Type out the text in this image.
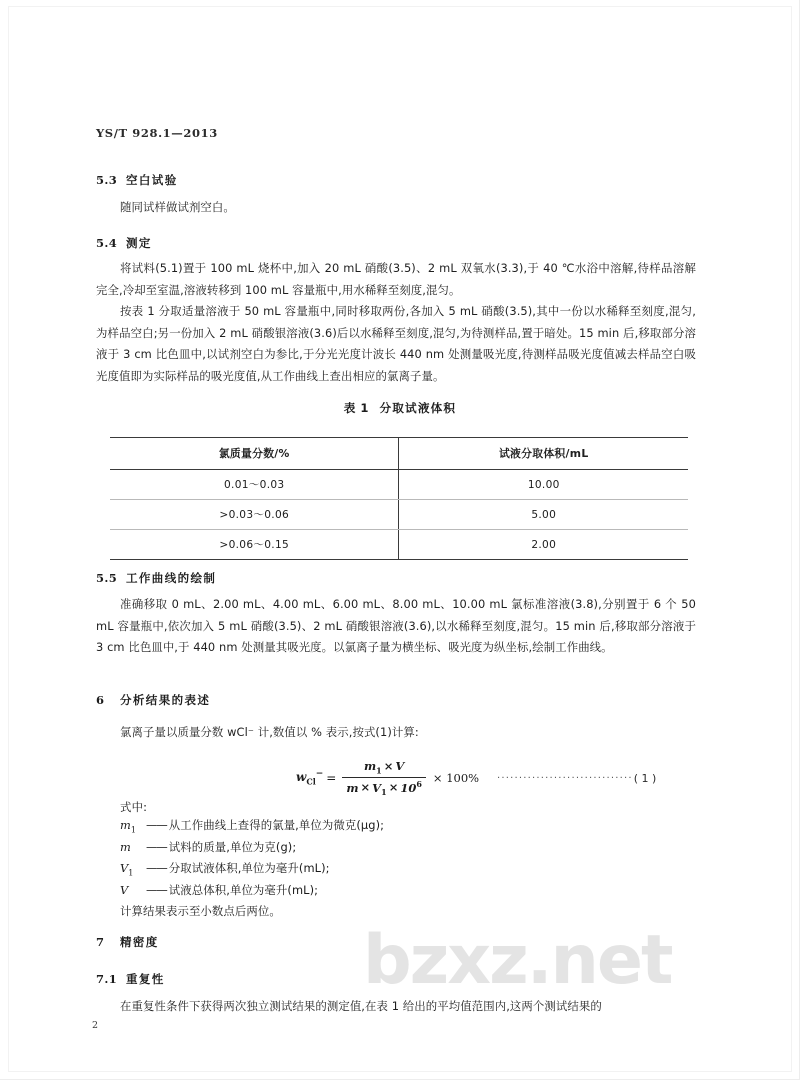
bzxz.net
YS/T 928.1—2013
5.3 空白试验
随同试样做试剂空白。
5.4 测定
将试料(5.1)置于 100 mL 烧杯中,加入 20 mL 硝酸(3.5)、2 mL 双氧水(3.3),于 40 ℃水浴中溶解,待样品溶解完全,冷却至室温,溶液转移到 100 mL 容量瓶中,用水稀释至刻度,混匀。
按表 1 分取适量溶液于 50 mL 容量瓶中,同时移取两份,各加入 5 mL 硝酸(3.5),其中一份以水稀释至刻度,混匀,为样品空白;另一份加入 2 mL 硝酸银溶液(3.6)后以水稀释至刻度,混匀,为待测样品,置于暗处。15 min 后,移取部分溶液于 3 cm 比色皿中,以试剂空白为参比,于分光光度计波长 440 nm 处测量吸光度,待测样品吸光度值减去样品空白吸光度值即为实际样品的吸光度值,从工作曲线上查出相应的氯离子量。
表 1 分取试液体积
氯质量分数/%	试液分取体积/mL
0.01～0.03	10.00
>0.03～0.06	5.00
>0.06～0.15	2.00
5.5 工作曲线的绘制
准确移取 0 mL、2.00 mL、4.00 mL、6.00 mL、8.00 mL、10.00 mL 氯标准溶液(3.8),分别置于 6 个 50 mL 容量瓶中,依次加入 5 mL 硝酸(3.5)、2 mL 硝酸银溶液(3.6),以水稀释至刻度,混匀。15 min 后,移取部分溶液于 3 cm 比色皿中,于 440 nm 处测量其吸光度。以氯离子量为横坐标、吸光度为纵坐标,绘制工作曲线。
6 分析结果的表述
氯离子量以质量分数 wCl⁻ 计,数值以 % 表示,按式(1)计算:
$w_{Cl}^- = \frac{m_1 \times V}{m \times V_1 \times 10^6} \times 100\%$ ······························· ( 1 )
式中:
$m_1$ —— 从工作曲线上查得的氯量,单位为微克(μg);
m	—— 试料的质量,单位为克(g);
$V_1$	—— 分取试液体积,单位为毫升(mL);
V	—— 试液总体积,单位为毫升(mL);
计算结果表示至小数点后两位。
7 精密度
7.1 重复性
在重复性条件下获得两次独立测试结果的测定值,在表 1 给出的平均值范围内,这两个测试结果的
2
